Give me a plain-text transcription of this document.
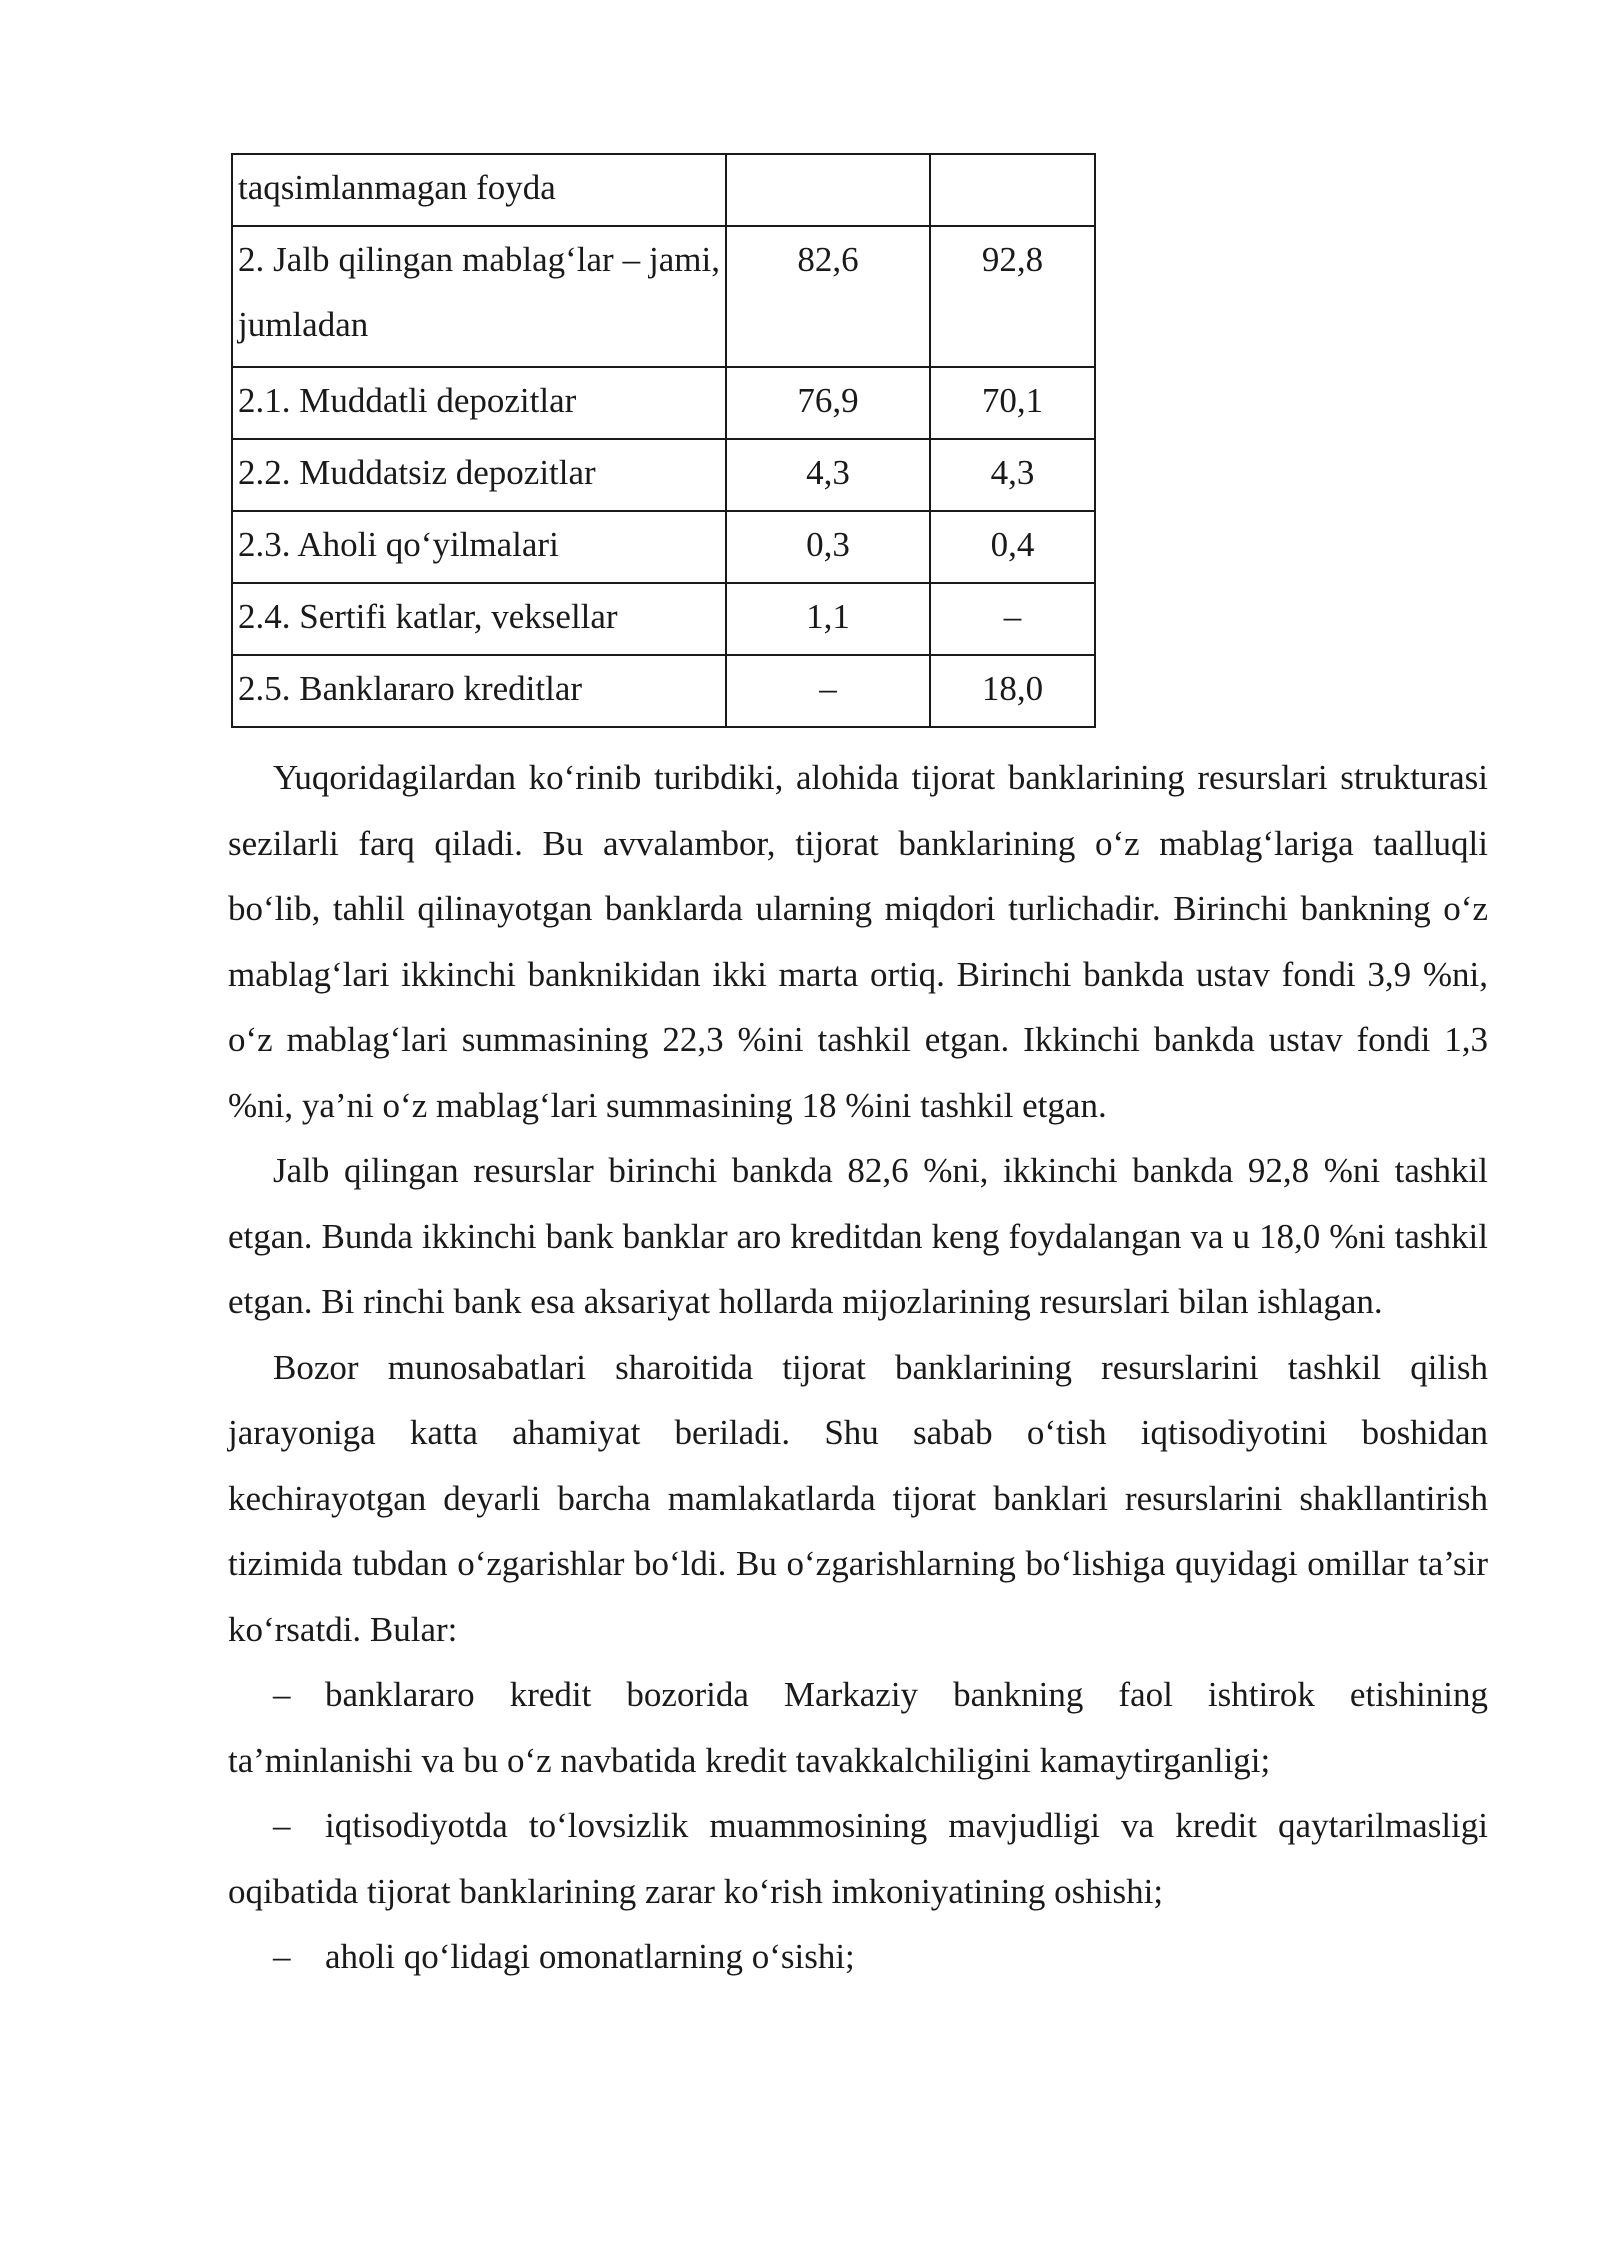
taqsimlanmagan foyda		

2. Jalb qilingan mablag‘lar – jami, jumladan	82,6	92,8

2.1. Muddatli depozitlar	76,9	70,1

2.2. Muddatsiz depozitlar	4,3	4,3

2.3. Aholi qo‘yilmalari	0,3	0,4

2.4. Sertifi katlar, veksellar	1,1	–

2.5. Banklararo kreditlar	–	18,0

Yuqoridagilardan ko‘rinib turibdiki, alohida tijorat banklarining resurslari strukturasi sezilarli farq qiladi. Bu avvalambor, tijorat banklarining o‘z mablag‘lariga taalluqli bo‘lib, tahlil qilinayotgan banklarda ularning miqdori turlichadir. Birinchi bankning o‘z mablag‘lari ikkinchi banknikidan ikki marta ortiq. Birinchi bankda ustav fondi 3,9 %ni, o‘z mablag‘lari summasining 22,3 %ini tashkil etgan. Ikkinchi bankda ustav fondi 1,3 %ni, ya’ni o‘z mablag‘lari summasining 18 %ini tashkil etgan.

Jalb qilingan resurslar birinchi bankda 82,6 %ni, ikkinchi bankda 92,8 %ni tashkil etgan. Bunda ikkinchi bank banklar aro kreditdan keng foydalangan va u 18,0 %ni tashkil etgan. Bi rinchi bank esa aksariyat hollarda mijozlarining resurslari bilan ishlagan.

Bozor munosabatlari sharoitida tijorat banklarining resurslarini tashkil qilish jarayoniga katta ahamiyat beriladi. Shu sabab o‘tish iqtisodiyotini boshidan kechirayotgan deyarli barcha mamlakatlarda tijorat banklari resurslarini shakllantirish tizimida tubdan o‘zgarishlar bo‘ldi. Bu o‘zgarishlarning bo‘lishiga quyidagi omillar ta’sir ko‘rsatdi. Bular:

– banklararo kredit bozorida Markaziy bankning faol ishtirok etishining ta’minlanishi va bu o‘z navbatida kredit tavakkalchiligini kamaytirganligi;

– iqtisodiyotda to‘lovsizlik muammosining mavjudligi va kredit qaytarilmasligi oqibatida tijorat banklarining zarar ko‘rish imkoniyatining oshishi;

– aholi qo‘lidagi omonatlarning o‘sishi;
